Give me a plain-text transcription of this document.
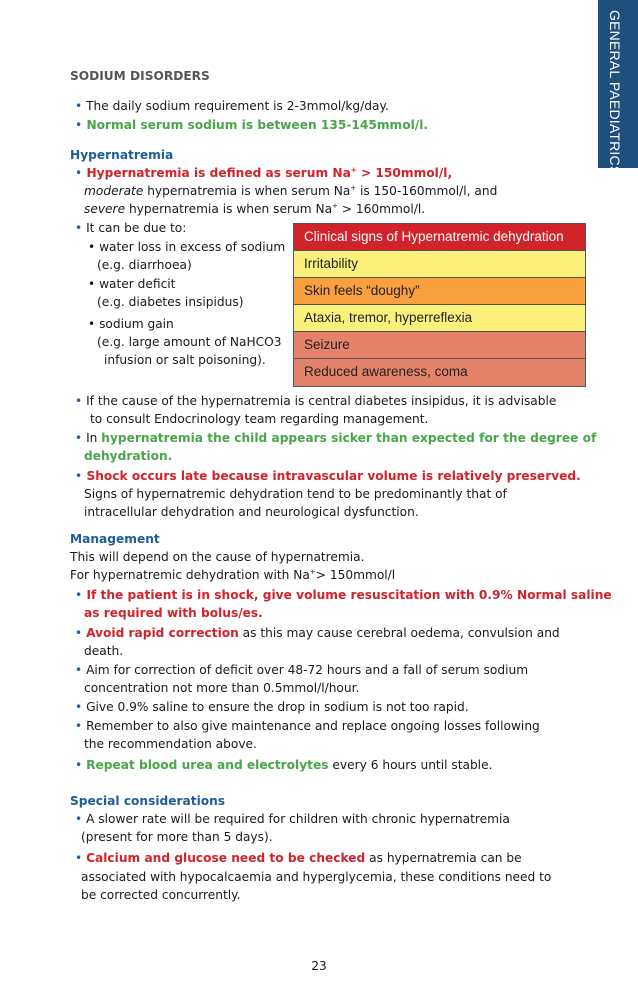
GENERAL PAEDIATRICS
SODIUM DISORDERS
• The daily sodium requirement is 2-3mmol/kg/day.
• Normal serum sodium is between 135-145mmol/l.
Hypernatremia
• Hypernatremia is defined as serum Na+ > 150mmol/l,
moderate hypernatremia is when serum Na+ is 150-160mmol/l, and
severe hypernatremia is when serum Na+ > 160mmol/l.
• It can be due to:
• water loss in excess of sodium
(e.g. diarrhoea)
• water deficit
(e.g. diabetes insipidus)
• sodium gain
(e.g. large amount of NaHCO3
infusion or salt poisoning).
Clinical signs of Hypernatremic dehydration
Irritability
Skin feels “doughy”
Ataxia, tremor, hyperreflexia
Seizure
Reduced awareness, coma
• If the cause of the hypernatremia is central diabetes insipidus, it is advisable
to consult Endocrinology team regarding management.
• In hypernatremia the child appears sicker than expected for the degree of
dehydration.
• Shock occurs late because intravascular volume is relatively preserved.
Signs of hypernatremic dehydration tend to be predominantly that of
intracellular dehydration and neurological dysfunction.
Management
This will depend on the cause of hypernatremia.
For hypernatremic dehydration with Na+> 150mmol/l
• If the patient is in shock, give volume resuscitation with 0.9% Normal saline
as required with bolus/es.
• Avoid rapid correction as this may cause cerebral oedema, convulsion and
death.
• Aim for correction of deficit over 48-72 hours and a fall of serum sodium
concentration not more than 0.5mmol/l/hour.
• Give 0.9% saline to ensure the drop in sodium is not too rapid.
• Remember to also give maintenance and replace ongoing losses following
the recommendation above.
• Repeat blood urea and electrolytes every 6 hours until stable.
Special considerations
• A slower rate will be required for children with chronic hypernatremia
(present for more than 5 days).
• Calcium and glucose need to be checked as hypernatremia can be
associated with hypocalcaemia and hyperglycemia, these conditions need to
be corrected concurrently.
23
